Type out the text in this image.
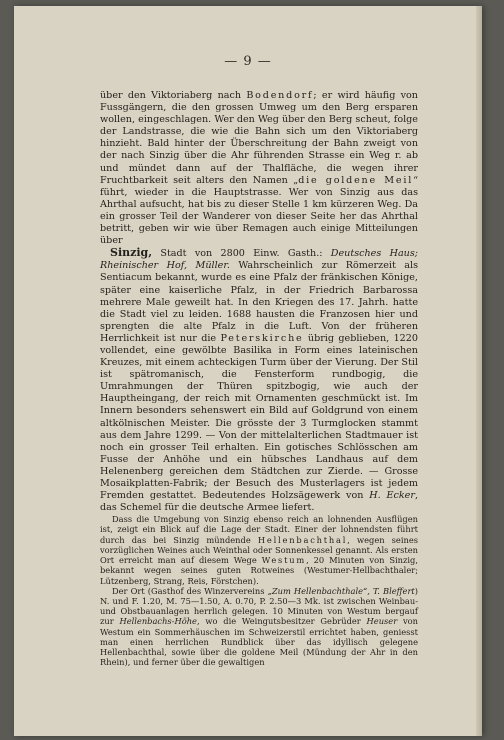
— 9 —

über den Viktoriaberg nach Bodendorf; er wird häufig von Fussgängern, die den grossen Umweg um den Berg ersparen wollen, eingeschlagen. Wer den Weg über den Berg scheut, folge der Landstrasse, die wie die Bahn sich um den Viktoriaberg hinzieht. Bald hinter der Überschreitung der Bahn zweigt von der nach Sinzig über die Ahr führenden Strasse ein Weg r. ab und mündet dann auf der Thalfläche, die wegen ihrer Fruchtbarkeit seit alters den Namen „die goldene Meil“ führt, wieder in die Hauptstrasse. Wer von Sinzig aus das Ahrthal aufsucht, hat bis zu dieser Stelle 1 km kürzeren Weg. Da ein grosser Teil der Wanderer von dieser Seite her das Ahrthal betritt, geben wir wie über Remagen auch einige Mitteilungen über

Sinzig, Stadt von 2800 Einw. Gasth.: Deutsches Haus; Rheinischer Hof, Müller. Wahrscheinlich zur Römerzeit als Sentiacum bekannt, wurde es eine Pfalz der fränkischen Könige, später eine kaiserliche Pfalz, in der Friedrich Barbarossa mehrere Male geweilt hat. In den Kriegen des 17. Jahrh. hatte die Stadt viel zu leiden. 1688 hausten die Franzosen hier und sprengten die alte Pfalz in die Luft. Von der früheren Herrlichkeit ist nur die Peterskirche übrig geblieben, 1220 vollendet, eine gewölbte Basilika in Form eines lateinischen Kreuzes, mit einem achteckigen Turm über der Vierung. Der Stil ist spätromanisch, die Fensterform rundbogig, die Umrahmungen der Thüren spitzbogig, wie auch der Hauptheingang, der reich mit Ornamenten geschmückt ist. Im Innern besonders sehenswert ein Bild auf Goldgrund von einem altkölnischen Meister. Die grösste der 3 Turmglocken stammt aus dem Jahre 1299. — Von der mittelalterlichen Stadtmauer ist noch ein grosser Teil erhalten. Ein gotisches Schlösschen am Fusse der Anhöhe und ein hübsches Landhaus auf dem Helenenberg gereichen dem Städtchen zur Zierde. — Grosse Mosaikplatten-Fabrik; der Besuch des Musterlagers ist jedem Fremden gestattet. Bedeutendes Holzsägewerk von H. Ecker, das Schemel für die deutsche Armee liefert.

Dass die Umgebung von Sinzig ebenso reich an lohnenden Ausflügen ist, zeigt ein Blick auf die Lage der Stadt. Einer der lohnendsten führt durch das bei Sinzig mündende Hellenbachthal, wegen seines vorzüglichen Weines auch Weinthal oder Sonnenkessel genannt. Als ersten Ort erreicht man auf diesem Wege Westum, 20 Minuten von Sinzig, bekannt wegen seines guten Rotweines (Westumer-Hellbachthaler; Lützenberg, Strang, Reis, Förstchen).

Der Ort (Gasthof des Winzervereins „Zum Hellenbachthale“, T. Bleffert) N. und F. 1.20, M. 75—1.50, A. 0.70, P. 2.50—3 Mk. ist zwischen Weinbau- und Obstbauanlagen herrlich gelegen. 10 Minuten von Westum bergauf zur Hellenbachs-Höhe, wo die Weingutsbesitzer Gebrüder Heuser von Westum ein Sommerhäuschen im Schweizerstil errichtet haben, geniesst man einen herrlichen Rundblick über das idyllisch gelegene Hellenbachthal, sowie über die goldene Meil (Mündung der Ahr in den Rhein), und ferner über die gewaltigen
